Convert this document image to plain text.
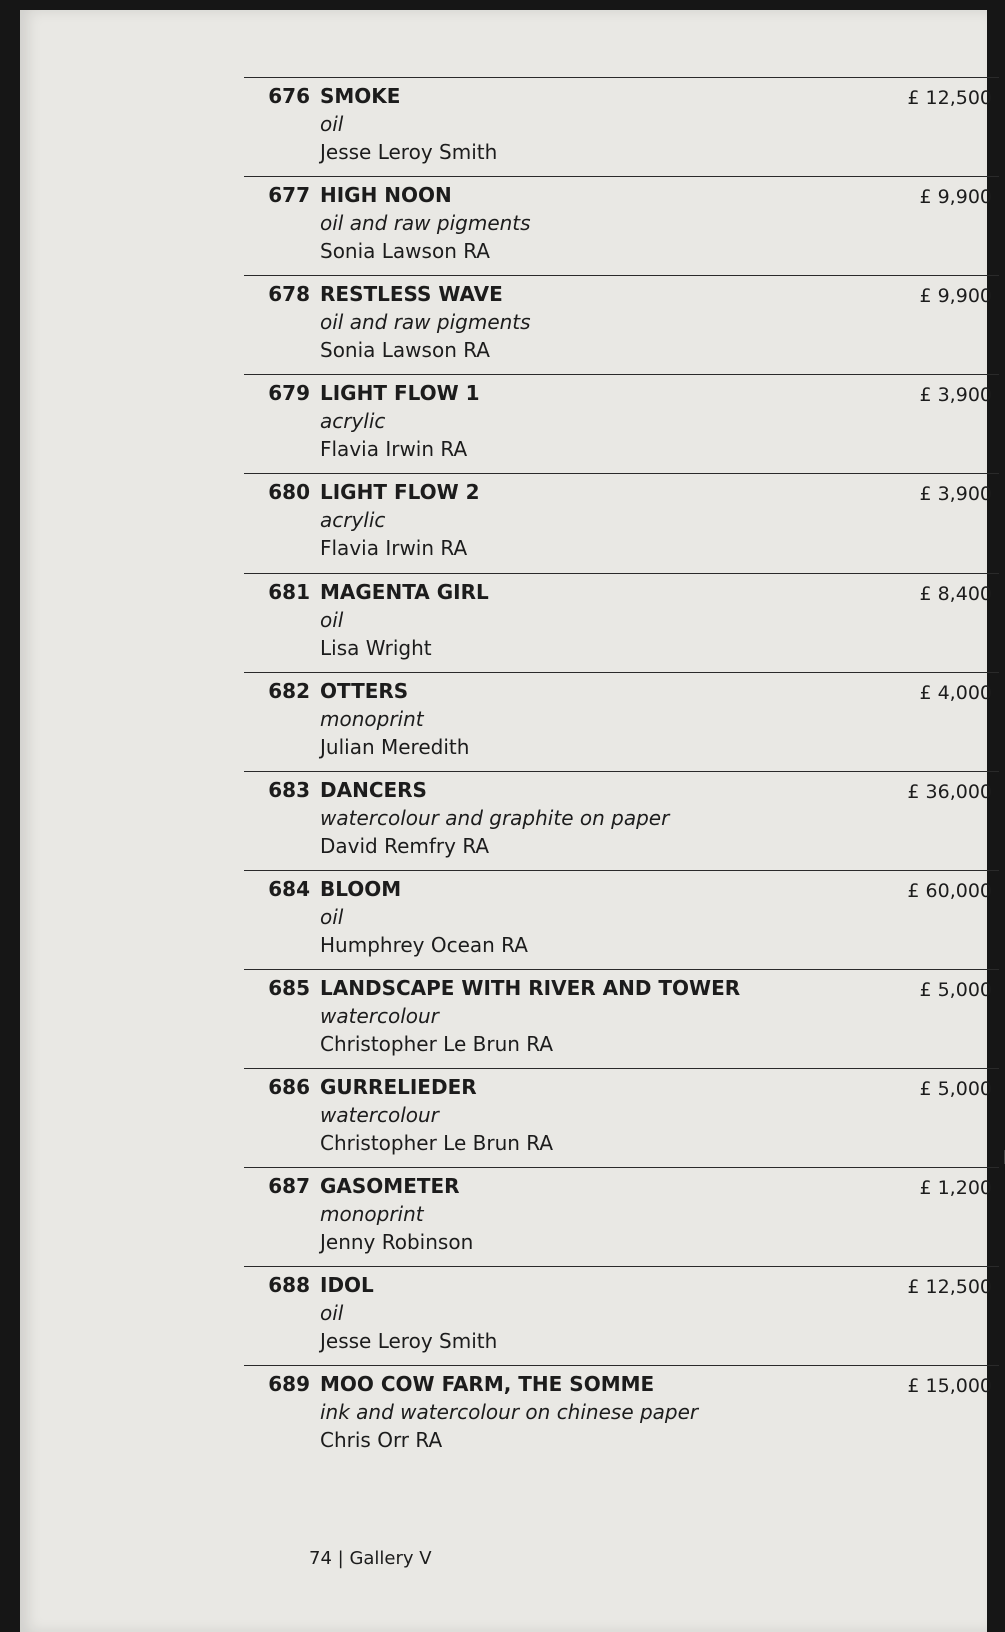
676 SMOKE
oil
Jesse Leroy Smith
£ 12,500
677 HIGH NOON
oil and raw pigments
Sonia Lawson RA
£ 9,900
678 RESTLESS WAVE
oil and raw pigments
Sonia Lawson RA
£ 9,900
679 LIGHT FLOW 1
acrylic
Flavia Irwin RA
£ 3,900
680 LIGHT FLOW 2
acrylic
Flavia Irwin RA
£ 3,900
681 MAGENTA GIRL
oil
Lisa Wright
£ 8,400
682 OTTERS
monoprint
Julian Meredith
£ 4,000
683 DANCERS
watercolour and graphite on paper
David Remfry RA
£ 36,000
684 BLOOM
oil
Humphrey Ocean RA
£ 60,000
685 LANDSCAPE WITH RIVER AND TOWER
watercolour
Christopher Le Brun RA
£ 5,000
686 GURRELIEDER
watercolour
Christopher Le Brun RA
£ 5,000
687 GASOMETER
monoprint
Jenny Robinson
£ 1,200
688 IDOL
oil
Jesse Leroy Smith
£ 12,500
689 MOO COW FARM, THE SOMME
ink and watercolour on chinese paper
Chris Orr RA
£ 15,000
74 | Gallery V
